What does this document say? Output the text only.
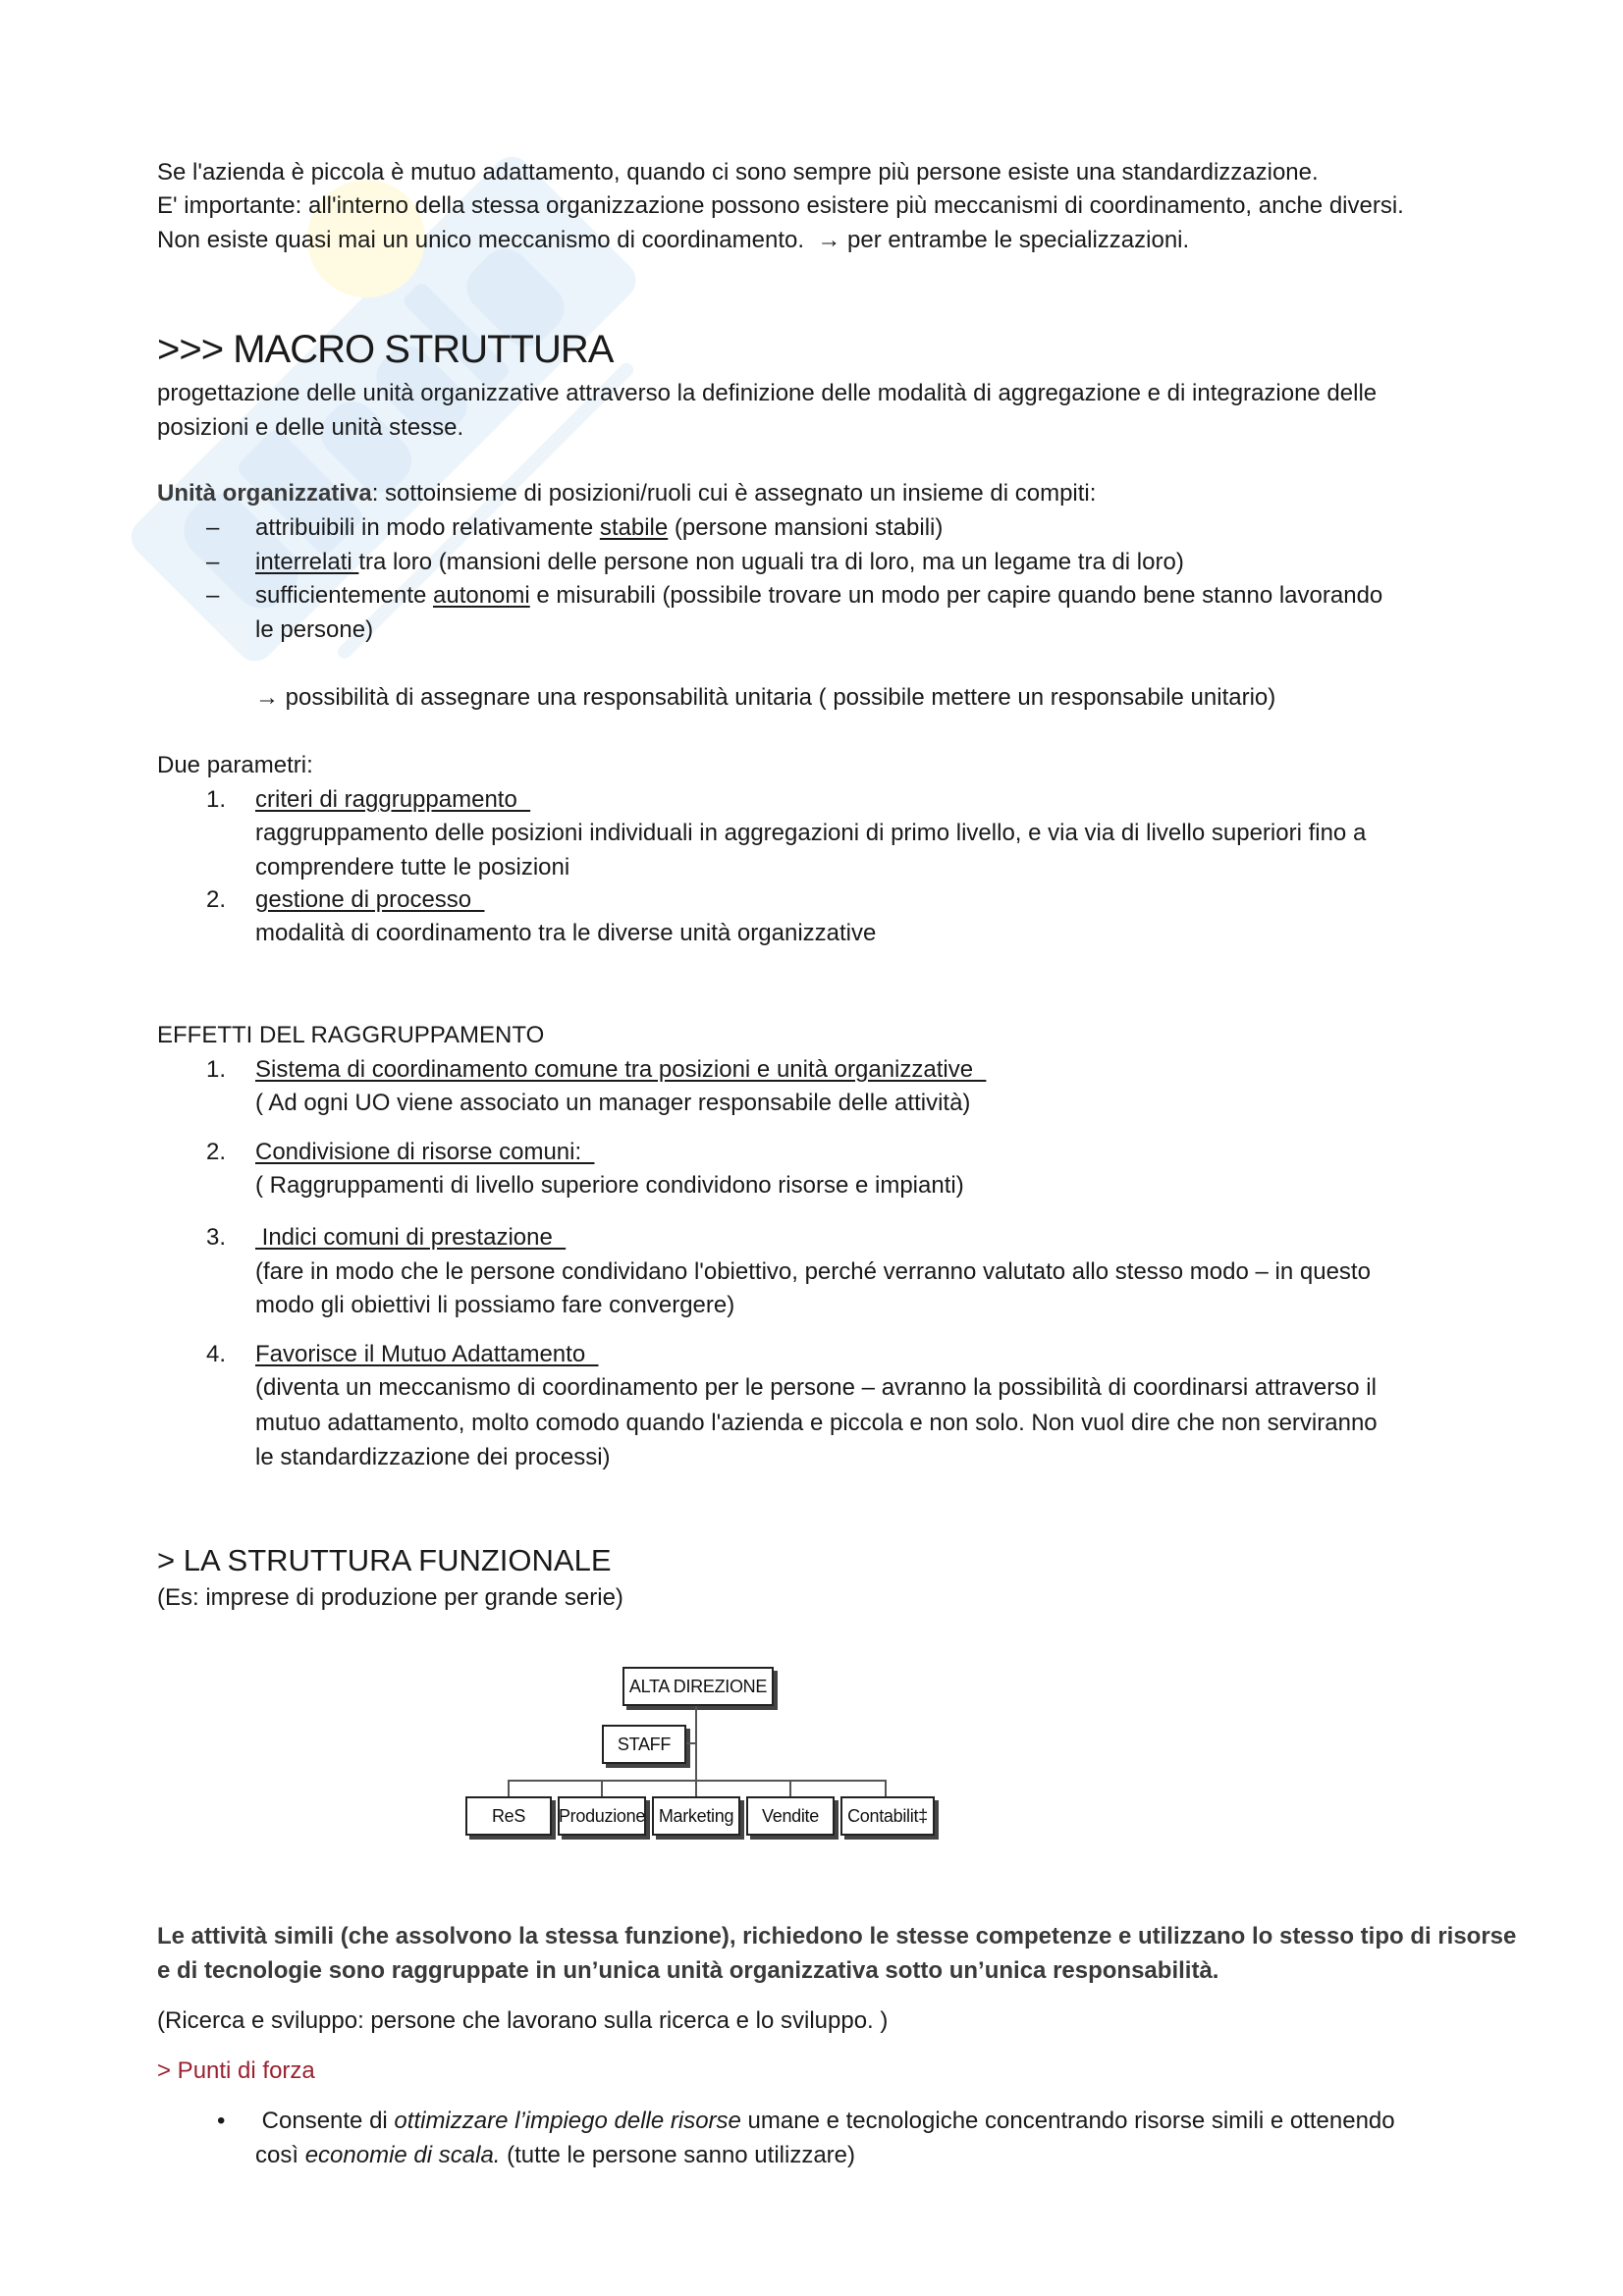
Se l'azienda è piccola è mutuo adattamento, quando ci sono sempre più persone esiste una standardizzazione.
E' importante: all'interno della stessa organizzazione possono esistere più meccanismi di coordinamento, anche diversi.
Non esiste quasi mai un unico meccanismo di coordinamento.  → per entrambe le specializzazioni.
>>> MACRO STRUTTURA
progettazione delle unità organizzative attraverso la definizione delle modalità di aggregazione e di integrazione delle
posizioni e delle unità stesse.
Unità organizzativa: sottoinsieme di posizioni/ruoli cui è assegnato un insieme di compiti:
– attribuibili in modo relativamente stabile (persone mansioni stabili)
– interrelati tra loro (mansioni delle persone non uguali tra di loro, ma un legame tra di loro)
– sufficientemente autonomi e misurabili (possibile trovare un modo per capire quando bene stanno lavorando
le persone)
→ possibilità di assegnare una responsabilità unitaria ( possibile mettere un responsabile unitario)
Due parametri:
1. criteri di raggruppamento
raggruppamento delle posizioni individuali in aggregazioni di primo livello, e via via di livello superiori fino a
comprendere tutte le posizioni
2. gestione di processo
modalità di coordinamento tra le diverse unità organizzative
EFFETTI DEL RAGGRUPPAMENTO
1. Sistema di coordinamento comune tra posizioni e unità organizzative
( Ad ogni UO viene associato un manager responsabile delle attività)
2. Condivisione di risorse comuni:
( Raggruppamenti di livello superiore condividono risorse e impianti)
3. Indici comuni di prestazione
(fare in modo che le persone condividano l'obiettivo, perché verranno valutato allo stesso modo – in questo
modo gli obiettivi li possiamo fare convergere)
4. Favorisce il Mutuo Adattamento
(diventa un meccanismo di coordinamento per le persone – avranno la possibilità di coordinarsi attraverso il
mutuo adattamento, molto comodo quando l'azienda e piccola e non solo. Non vuol dire che non serviranno
le standardizzazione dei processi)
> LA STRUTTURA FUNZIONALE
(Es: imprese di produzione per grande serie)
Le attività simili (che assolvono la stessa funzione), richiedono le stesse competenze e utilizzano lo stesso tipo di risorse
e di tecnologie sono raggruppate in un’unica unità organizzativa sotto un’unica responsabilità.
(Ricerca e sviluppo: persone che lavorano sulla ricerca e lo sviluppo. )
> Punti di forza
• Consente di ottimizzare l’impiego delle risorse umane e tecnologiche concentrando risorse simili e ottenendo
così economie di scala. (tutte le persone sanno utilizzare)
ALTA DIREZIONE
STAFF
ReS Produzione Marketing Vendite Contabilit‡
